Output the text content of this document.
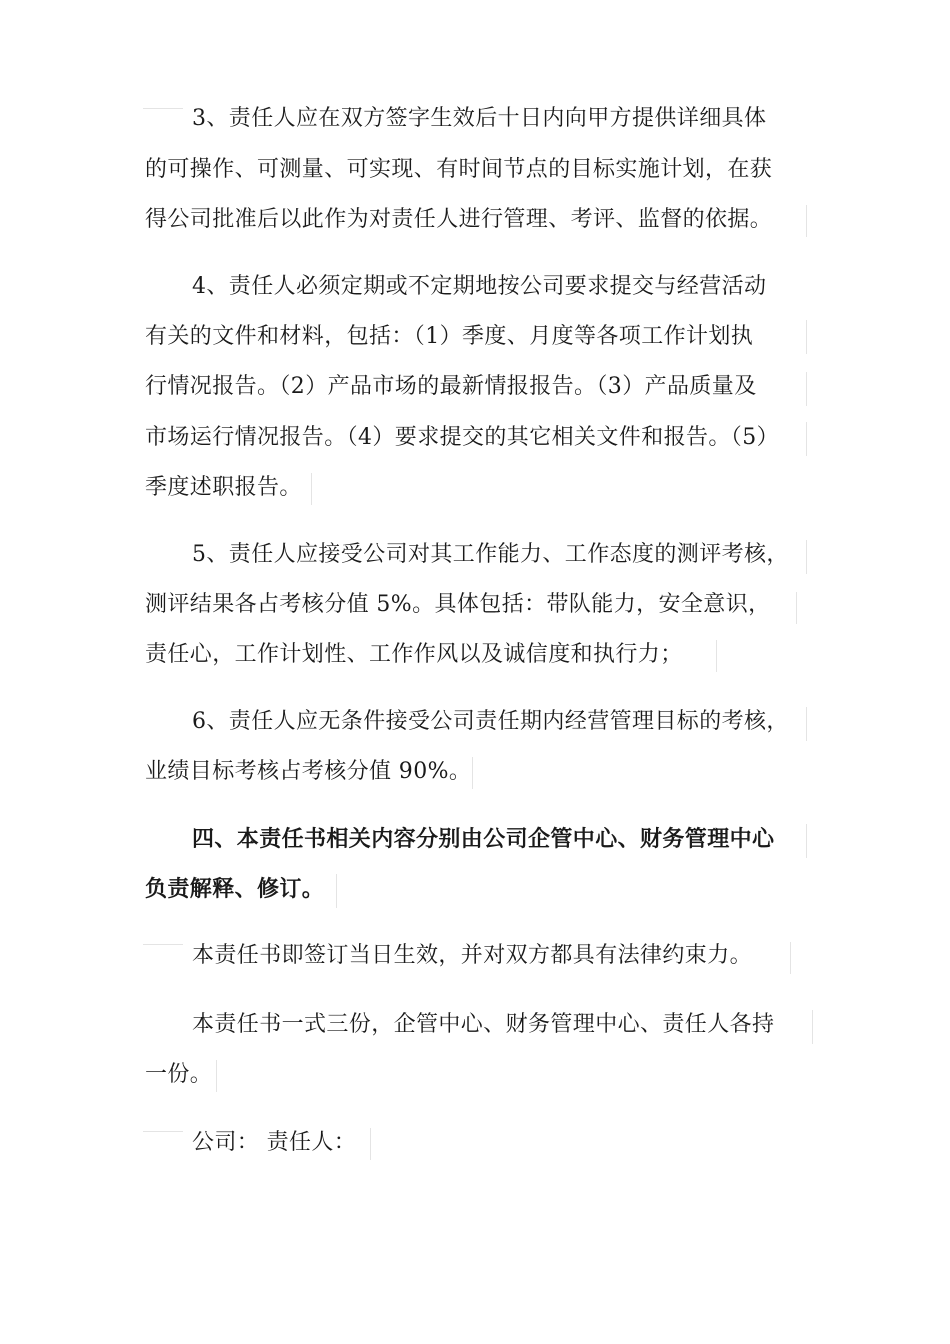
3、责任人应在双方签字生效后十日内向甲方提供详细具体
的可操作、可测量、可实现、有时间节点的目标实施计划，在获
得公司批准后以此作为对责任人进行管理、考评、监督的依据。
4、责任人必须定期或不定期地按公司要求提交与经营活动
有关的文件和材料，包括：（1）季度、月度等各项工作计划执
行情况报告。（2）产品市场的最新情报报告。（3）产品质量及
市场运行情况报告。（4）要求提交的其它相关文件和报告。（5）
季度述职报告。
5、责任人应接受公司对其工作能力、工作态度的测评考核，
测评结果各占考核分值 5%。具体包括：带队能力，安全意识，
责任心，工作计划性、工作作风以及诚信度和执行力；
6、责任人应无条件接受公司责任期内经营管理目标的考核，
业绩目标考核占考核分值 90%。
四、本责任书相关内容分别由公司企管中心、财务管理中心
负责解释、修订。
本责任书即签订当日生效，并对双方都具有法律约束力。
本责任书一式三份，企管中心、财务管理中心、责任人各持
一份。
公司： 责任人：
